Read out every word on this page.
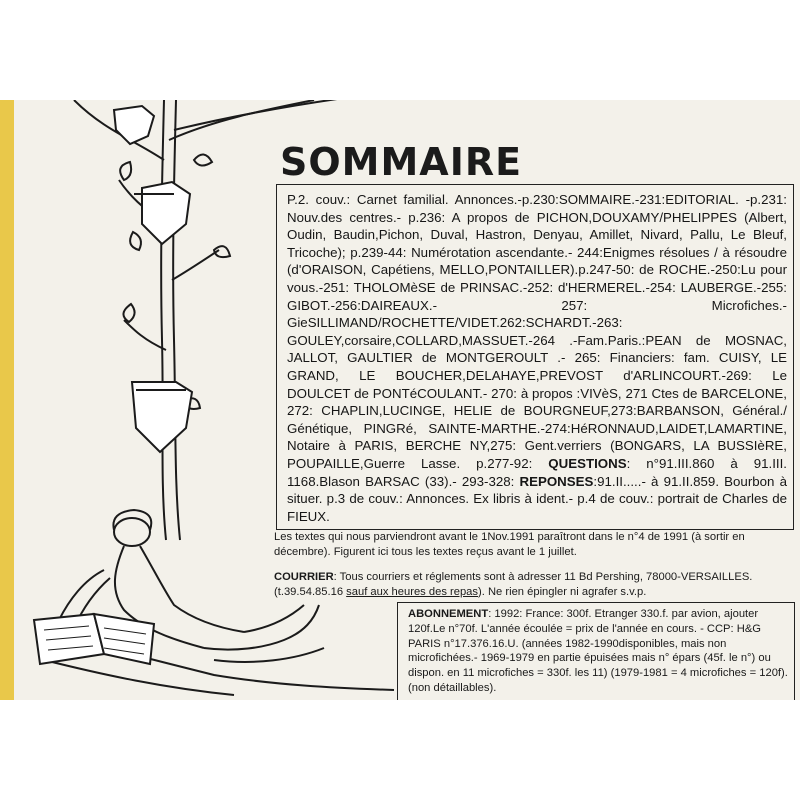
SOMMAIRE
P.2. couv.: Carnet familial. Annonces.-p.230:SOMMAIRE.-231:EDITORIAL. -p.231: Nouv.des centres.- p.236: A propos de PICHON,DOUXAMY/PHELIPPES (Albert, Oudin, Baudin,Pichon, Duval, Hastron, Denyau, Amillet, Nivard, Pallu, Le Bleuf, Tricoche); p.239-44: Numérotation ascendante.- 244:Enigmes résolues / à résoudre (d'ORAISON, Capétiens, MELLO,PONTAILLER).p.247-50: de ROCHE.-250:Lu pour vous.-251: THOLOMèSE de PRINSAC.-252: d'HERMEREL.-254: LAUBERGE.-255: GIBOT.-256:DAIREAUX.- 257: Microfiches.-GieSILLIMAND/ROCHETTE/VIDET.262:SCHARDT.-263: GOULEY,corsaire,COLLARD,MASSUET.-264 .-Fam.Paris.:PEAN de MOSNAC, JALLOT, GAULTIER de MONTGEROULT .- 265: Financiers: fam. CUISY, LE GRAND, LE BOUCHER,DELAHAYE,PREVOST d'ARLINCOURT.-269: Le DOULCET de PONTéCOULANT.- 270: à propos :VIVèS, 271 Ctes de BARCELONE, 272: CHAPLIN,LUCINGE, HELIE de BOURGNEUF,273:BARBANSON, Général./ Génétique, PINGRé, SAINTE-MARTHE.-274:HéRONNAUD,LAIDET,LAMARTINE, Notaire à PARIS, BERCHE NY,275: Gent.verriers (BONGARS, LA BUSSIèRE, POUPAILLE,Guerre Lasse. p.277-92: QUESTIONS: n°91.III.860 à 91.III. 1168.Blason BARSAC (33).- 293-328: REPONSES:91.II.....- à 91.II.859. Bourbon à situer. p.3 de couv.: Annonces. Ex libris à ident.- p.4 de couv.: portrait de Charles de FIEUX.
Les textes qui nous parviendront avant le 1Nov.1991 paraîtront dans le n°4 de 1991 (à sortir en décembre). Figurent ici tous les textes reçus avant le 1 juillet.
COURRIER: Tous courriers et réglements sont à adresser 11 Bd Pershing, 78000-VERSAILLES. (t.39.54.85.16 sauf aux heures des repas). Ne rien épingler ni agrafer s.v.p.
ABONNEMENT: 1992: France: 300f. Etranger 330.f. par avion, ajouter 120f.Le n°70f. L'année écoulée = prix de l'année en cours. - CCP: H&G PARIS n°17.376.16.U. (années 1982-1990disponibles, mais non microfichées.- 1969-1979 en partie épuisées mais n° épars (45f. le n°) ou dispon. en 11 microfiches = 330f. les 11) (1979-1981 = 4 microfiches = 120f).(non détaillables).
